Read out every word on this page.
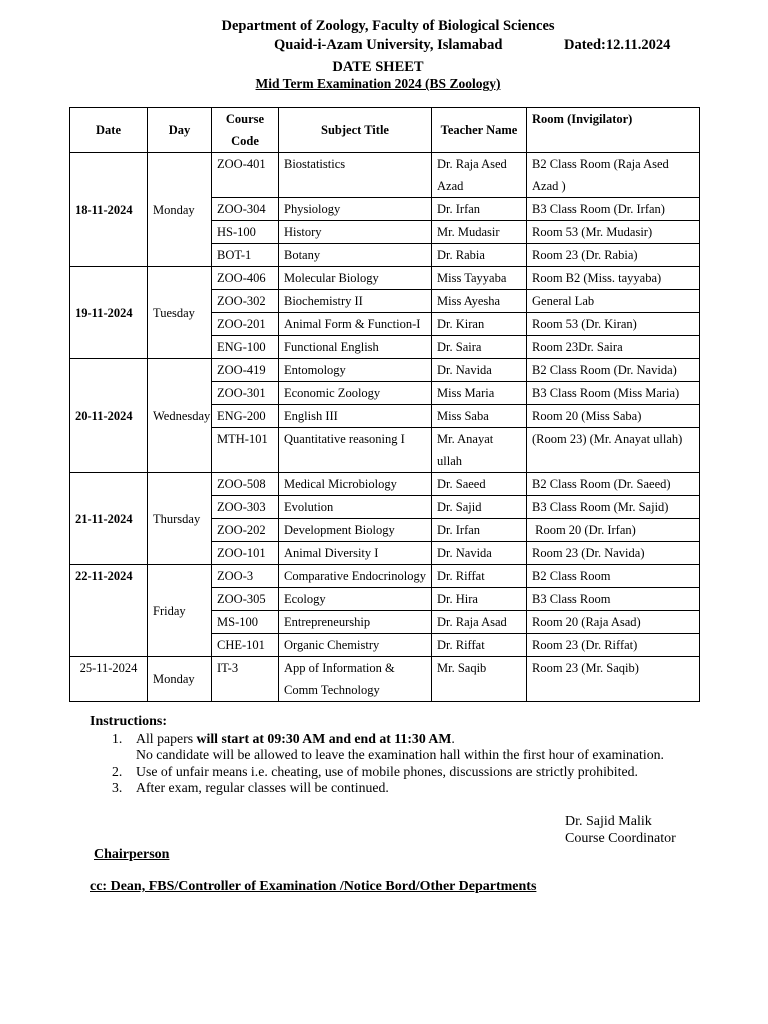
Department of Zoology, Faculty of Biological Sciences
Quaid-i-Azam University, Islamabad	Dated:12.11.2024
DATE SHEET
Mid Term Examination 2024 (BS Zoology)
Date	Day	Course Code	Subject Title	Teacher Name	Room (Invigilator)
18-11-2024	Monday	ZOO-401	Biostatistics	Dr. Raja Ased Azad	B2 Class Room (Raja Ased Azad )
		ZOO-304	Physiology	Dr. Irfan	B3 Class Room (Dr. Irfan)
		HS-100	History	Mr. Mudasir	Room 53 (Mr. Mudasir)
		BOT-1	Botany	Dr. Rabia	Room 23 (Dr. Rabia)
19-11-2024	Tuesday	ZOO-406	Molecular Biology	Miss Tayyaba	Room B2 (Miss. tayyaba)
		ZOO-302	Biochemistry II	Miss Ayesha	General Lab
		ZOO-201	Animal Form & Function-I	Dr. Kiran	Room 53 (Dr. Kiran)
		ENG-100	Functional English	Dr. Saira	Room 23Dr. Saira
20-11-2024	Wednesday	ZOO-419	Entomology	Dr. Navida	B2 Class Room (Dr. Navida)
		ZOO-301	Economic Zoology	Miss Maria	B3 Class Room (Miss Maria)
		ENG-200	English III	Miss Saba	Room 20 (Miss Saba)
		MTH-101	Quantitative reasoning I	Mr. Anayat ullah	(Room 23) (Mr. Anayat ullah)
21-11-2024	Thursday	ZOO-508	Medical Microbiology	Dr. Saeed	B2 Class Room (Dr. Saeed)
		ZOO-303	Evolution	Dr. Sajid	B3 Class Room (Mr. Sajid)
		ZOO-202	Development Biology	Dr. Irfan	Room 20 (Dr. Irfan)
		ZOO-101	Animal Diversity I	Dr. Navida	Room 23 (Dr. Navida)
22-11-2024	Friday	ZOO-3	Comparative Endocrinology	Dr. Riffat	B2 Class Room
		ZOO-305	Ecology	Dr. Hira	B3 Class Room
		MS-100	Entrepreneurship	Dr. Raja Asad	Room 20 (Raja Asad)
		CHE-101	Organic Chemistry	Dr. Riffat	Room 23 (Dr. Riffat)
25-11-2024	Monday	IT-3	App of Information & Comm Technology	Mr. Saqib	Room 23 (Mr. Saqib)
Instructions:
1. All papers will start at 09:30 AM and end at 11:30 AM.
No candidate will be allowed to leave the examination hall within the first hour of examination.
2. Use of unfair means i.e. cheating, use of mobile phones, discussions are strictly prohibited.
3. After exam, regular classes will be continued.
Dr. Sajid Malik
Course Coordinator
Chairperson
cc: Dean, FBS/Controller of Examination /Notice Bord/Other Departments
